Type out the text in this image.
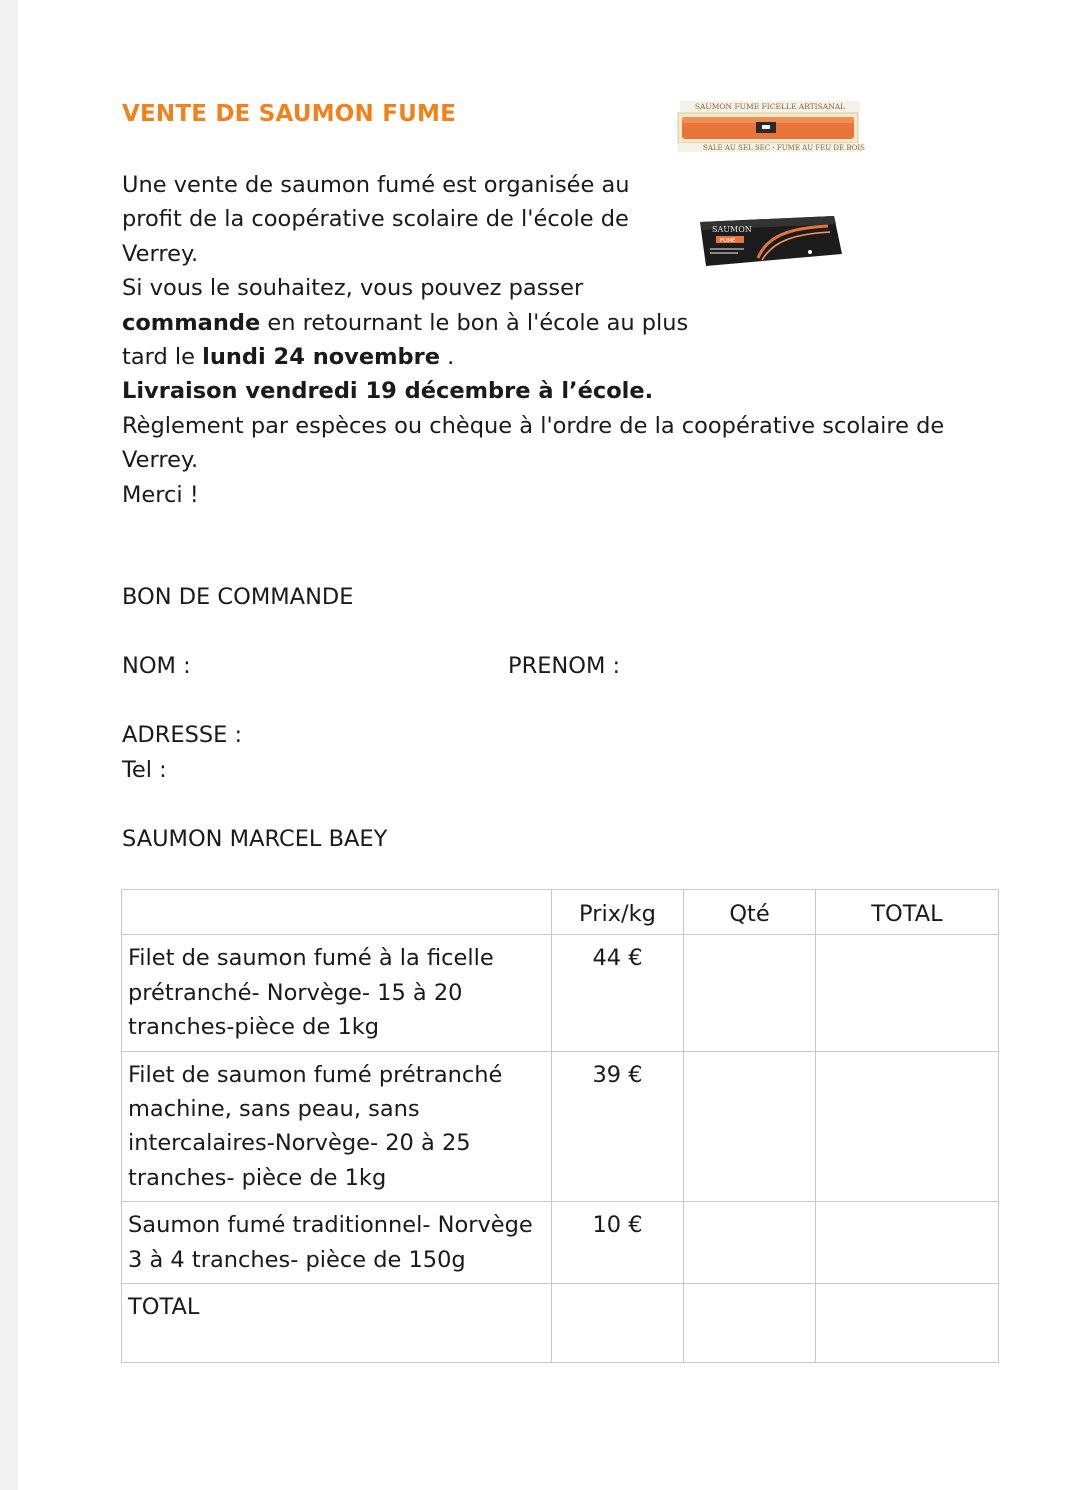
VENTE DE SAUMON FUME	SAUMON FUME FICELLE ARTISANAL
SALE AU SEL SEC - FUME AU FEU DE BOIS
SAUMON
FUMÉ
Une vente de saumon fumé est organisée au
profit de la coopérative scolaire de l'école de
Verrey.
Si vous le souhaitez, vous pouvez passer
commande en retournant le bon à l'école au plus
tard le lundi 24 novembre .
Livraison vendredi 19 décembre à l’école.
Règlement par espèces ou chèque à l'ordre de la coopérative scolaire de
Verrey.
Merci !
BON DE COMMANDE
NOM :	PRENOM :
ADRESSE :
Tel :
SAUMON MARCEL BAEY
	Prix/kg	Qté	TOTAL
Filet de saumon fumé à la ficelle prétranché- Norvège- 15 à 20 tranches-pièce de 1kg	44 €		
Filet de saumon fumé prétranché machine, sans peau, sans intercalaires-Norvège- 20 à 25 tranches- pièce de 1kg	39 €		
Saumon fumé traditionnel- Norvège 3 à 4 tranches- pièce de 150g	10 €		
TOTAL			
